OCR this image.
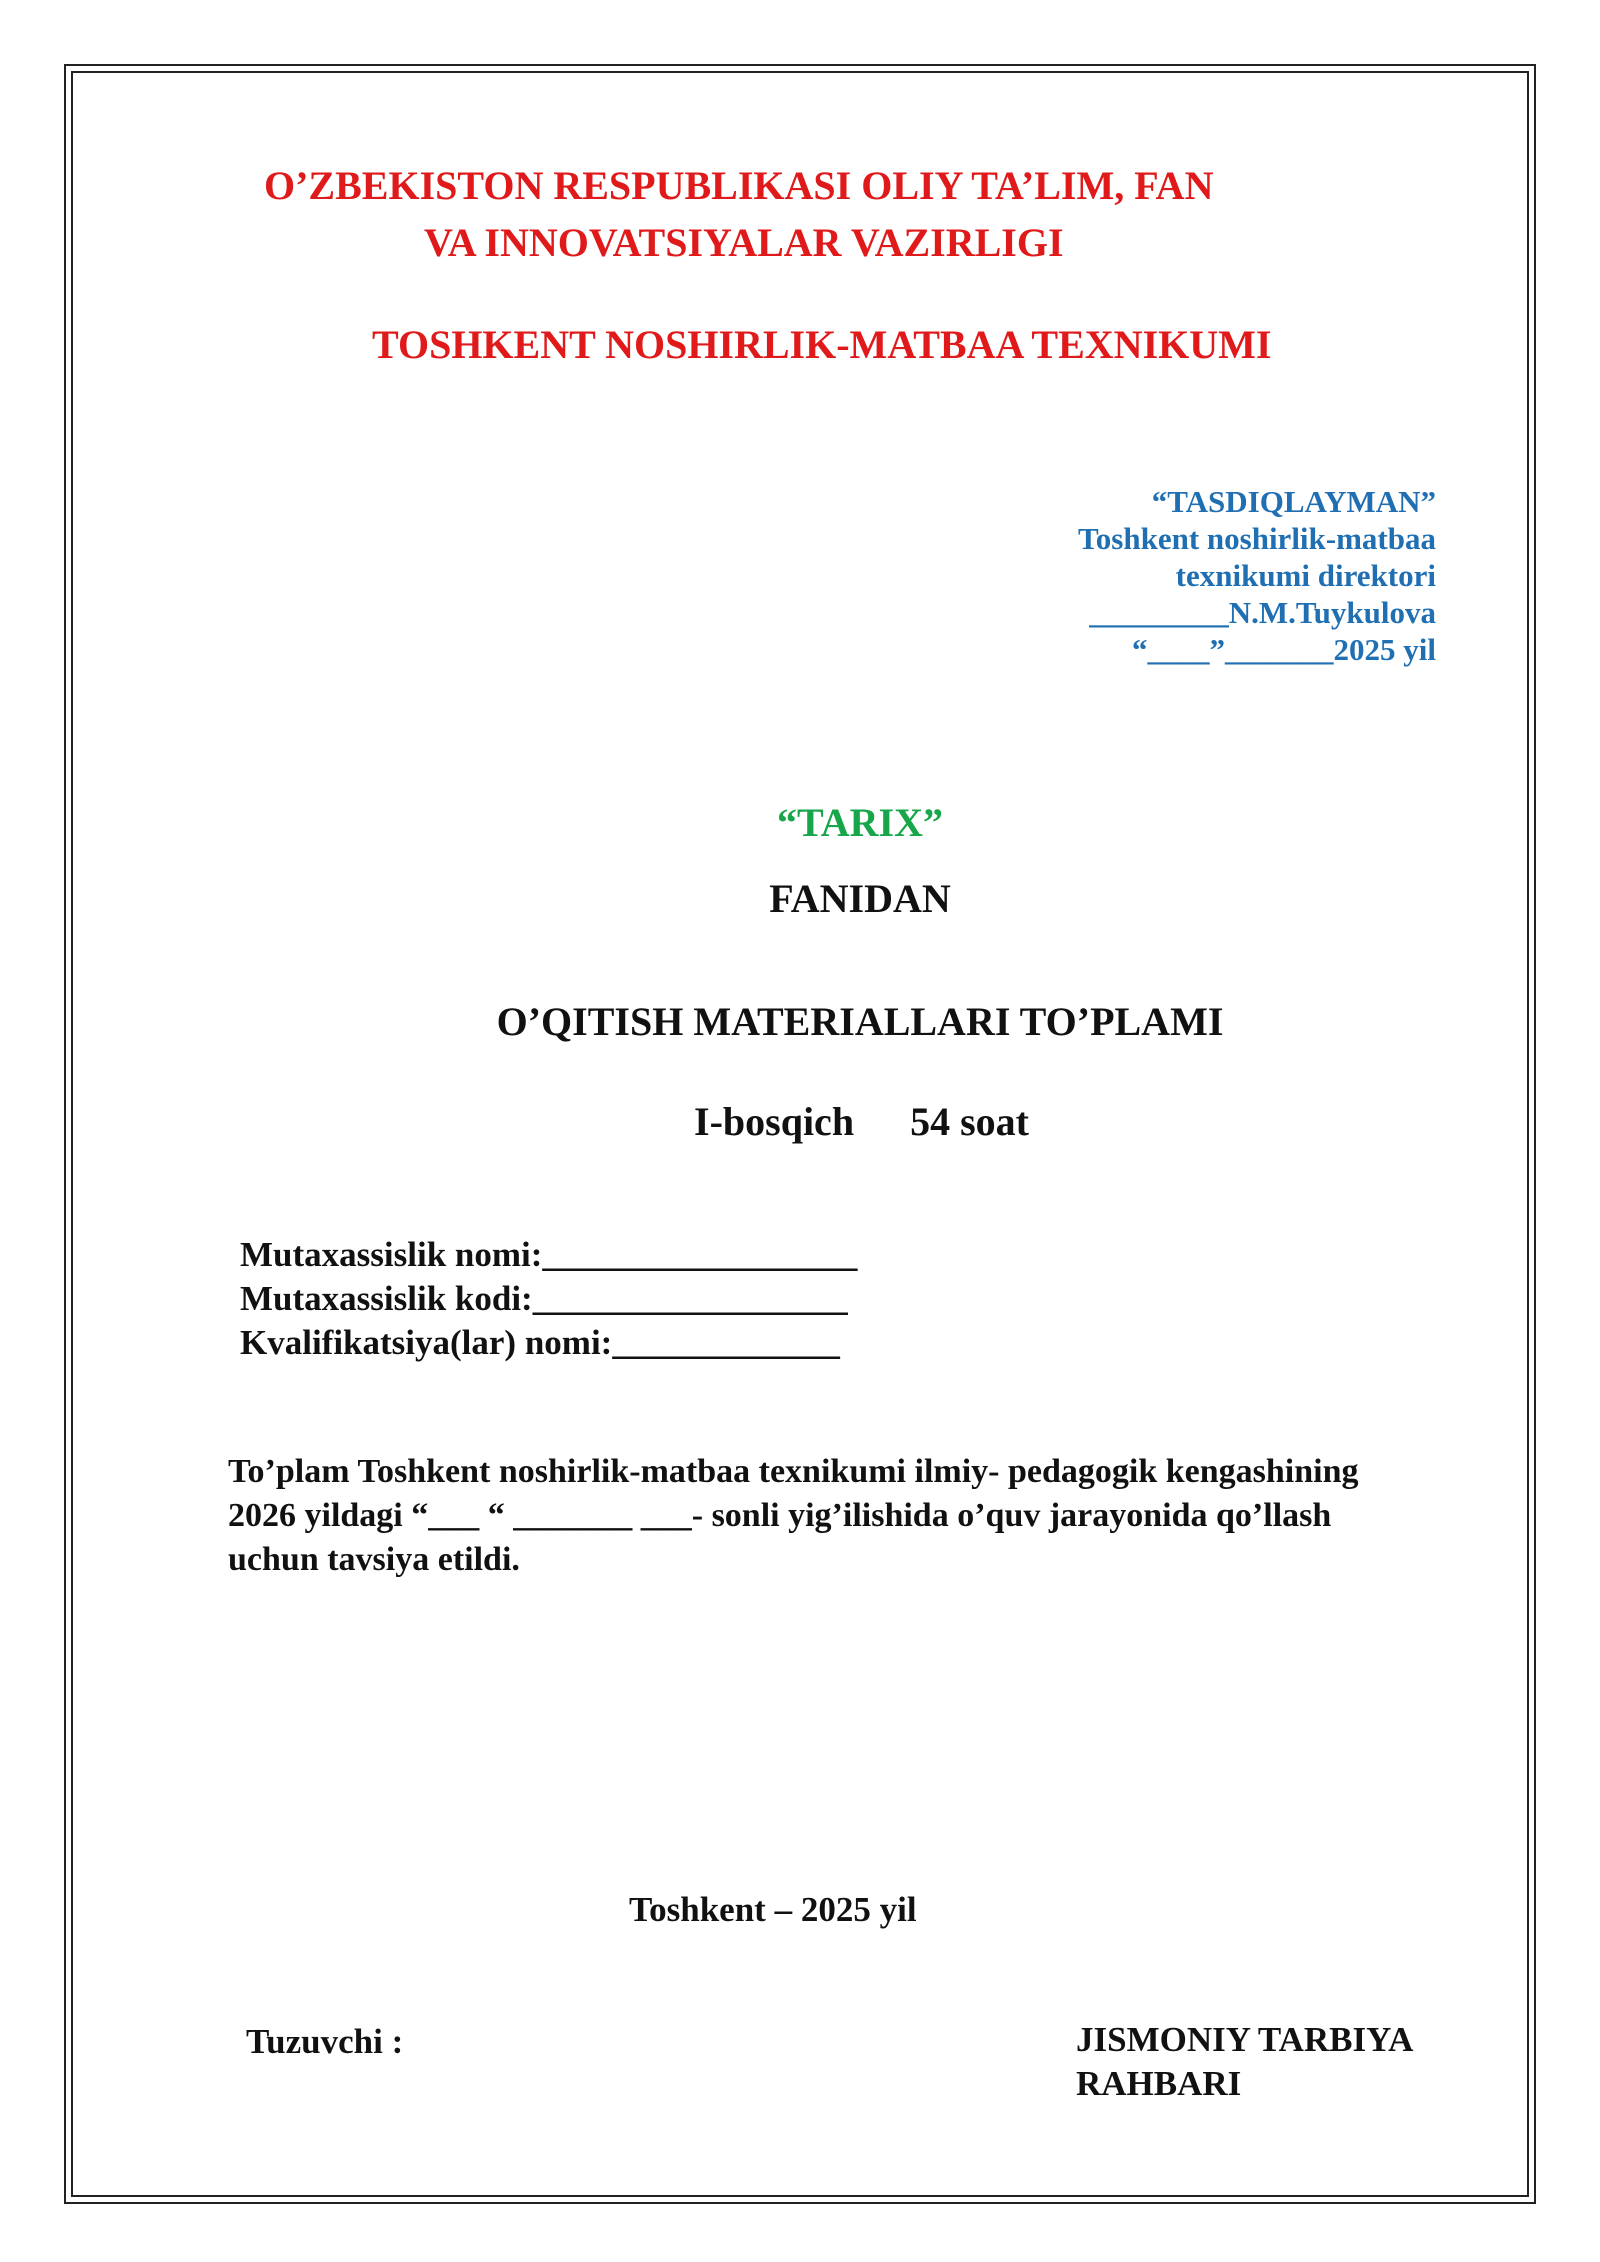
O’ZBEKISTON RESPUBLIKASI OLIY TA’LIM, FAN
VA INNOVATSIYALAR VAZIRLIGI
TOSHKENT NOSHIRLIK-MATBAA TEXNIKUMI
“TASDIQLAYMAN”
Toshkent noshirlik-matbaa
texnikumi direktori
_________N.M.Tuykulova
“____”_______2025 yil
“TARIX”
FANIDAN
O’QITISH MATERIALLARI TO’PLAMI
I-bosqich 54 soat
Mutaxassislik nomi:__________________
Mutaxassislik kodi:__________________
Kvalifikatsiya(lar) nomi:_____________
To’plam Toshkent noshirlik-matbaa texnikumi ilmiy- pedagogik kengashining
2026 yildagi “___ “ _______ ___- sonli yig’ilishida o’quv jarayonida qo’llash
uchun tavsiya etildi.
Toshkent – 2025 yil
Tuzuvchi :	JISMONIY TARBIYA
RAHBARI
